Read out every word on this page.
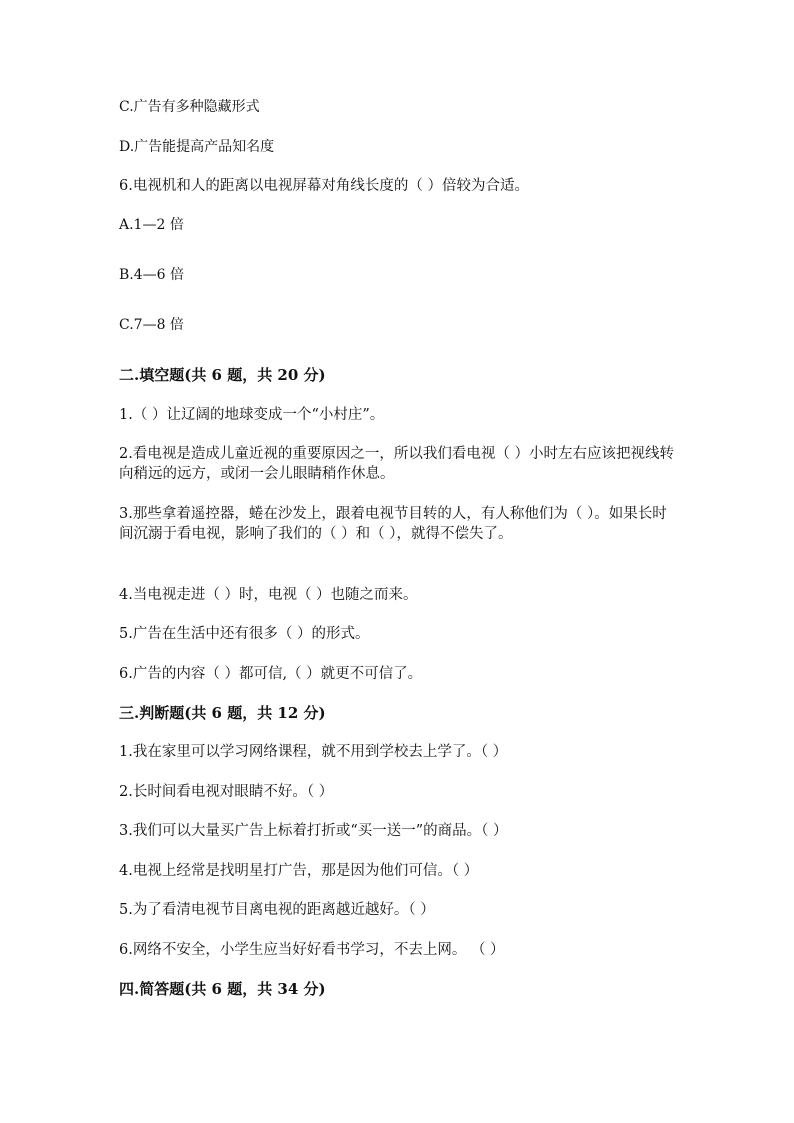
C.广告有多种隐藏形式
D.广告能提高产品知名度
6.电视机和人的距离以电视屏幕对角线长度的（ ）倍较为合适。
A.1—2 倍
B.4—6 倍
C.7—8 倍
二.填空题(共 6 题，共 20 分)
1.（ ）让辽阔的地球变成一个“小村庄”。
2.看电视是造成儿童近视的重要原因之一，所以我们看电视（ ）小时左右应该把视线转向稍远的远方，或闭一会儿眼睛稍作休息。
3.那些拿着遥控器，蜷在沙发上，跟着电视节目转的人，有人称他们为（ ）。如果长时间沉溺于看电视，影响了我们的（ ）和（ ），就得不偿失了。
4.当电视走进（ ）时，电视（ ）也随之而来。
5.广告在生活中还有很多（ ）的形式。
6.广告的内容（ ）都可信,（ ）就更不可信了。
三.判断题(共 6 题，共 12 分)
1.我在家里可以学习网络课程，就不用到学校去上学了。（ ）
2.长时间看电视对眼睛不好。（ ）
3.我们可以大量买广告上标着打折或“买一送一”的商品。（ ）
4.电视上经常是找明星打广告，那是因为他们可信。（ ）
5.为了看清电视节目离电视的距离越近越好。（ ）
6.网络不安全，小学生应当好好看书学习，不去上网。 （ ）
四.简答题(共 6 题，共 34 分)
